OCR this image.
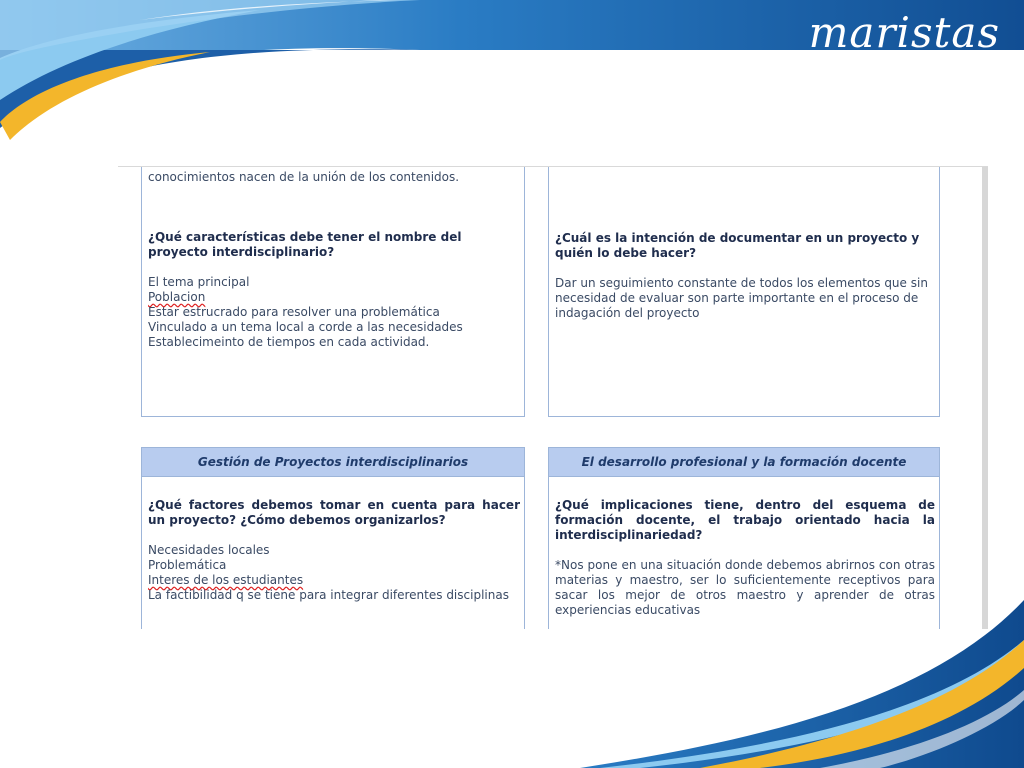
maristas

conocimientos nacen de la unión de los contenidos.

¿Qué características debe tener el nombre del proyecto interdisciplinario?

El tema principal

Poblacion

Estar estrucrado para resolver una problemática

Vinculado a un tema local a corde a las necesidades

Establecimeinto de tiempos en cada actividad.

¿Cuál es la intención de documentar en un proyecto y quién lo debe hacer?

Dar un seguimiento constante de todos los elementos que sin necesidad de evaluar son parte importante en el proceso de indagación del proyecto

Gestión de Proyectos interdisciplinarios

¿Qué factores debemos tomar en cuenta para hacer un proyecto? ¿Cómo debemos organizarlos?

Necesidades locales

Problemática

Interes de los estudiantes

La factibilidad q se tiene para integrar diferentes disciplinas

El desarrollo profesional y la formación docente

¿Qué implicaciones tiene, dentro del esquema de formación docente, el trabajo orientado hacia la interdisciplinariedad?

*Nos pone en una situación donde debemos abrirnos con otras materias y maestro, ser lo suficientemente receptivos para sacar los mejor de otros maestro y aprender de otras experiencias educativas
